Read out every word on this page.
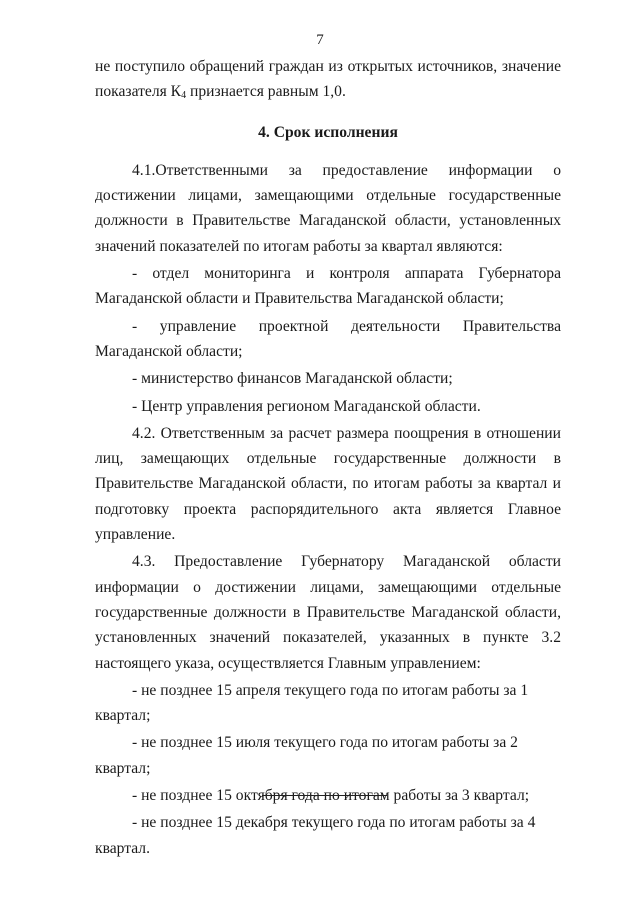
7

не поступило обращений граждан из открытых источников, значение

показателя $К_4$ признается равным 1,0.

4. Срок исполнения

4.1.Ответственными за предоставление информации о достижении лицами, замещающими отдельные государственные должности в Правительстве Магаданской области, установленных значений показателей по итогам работы за квартал являются:

- отдел мониторинга и контроля аппарата Губернатора Магаданской области и Правительства Магаданской области;

- управление проектной деятельности Правительства Магаданской области;

- министерство финансов Магаданской области;

- Центр управления регионом Магаданской области.

4.2. Ответственным за расчет размера поощрения в отношении лиц, замещающих отдельные государственные должности в Правительстве Магаданской области, по итогам работы за квартал и подготовку проекта распорядительного акта является Главное управление.

4.3. Предоставление Губернатору Магаданской области информации о достижении лицами, замещающими отдельные государственные должности в Правительстве Магаданской области, установленных значений показателей, указанных в пункте 3.2 настоящего указа, осуществляется Главным управлением:

- не позднее 15 апреля текущего года по итогам работы за 1 квартал;

- не позднее 15 июля текущего года по итогам работы за 2 квартал;

- не позднее 15 октября года по итогам работы за 3 квартал;

- не позднее 15 декабря текущего года по итогам работы за 4 квартал.
